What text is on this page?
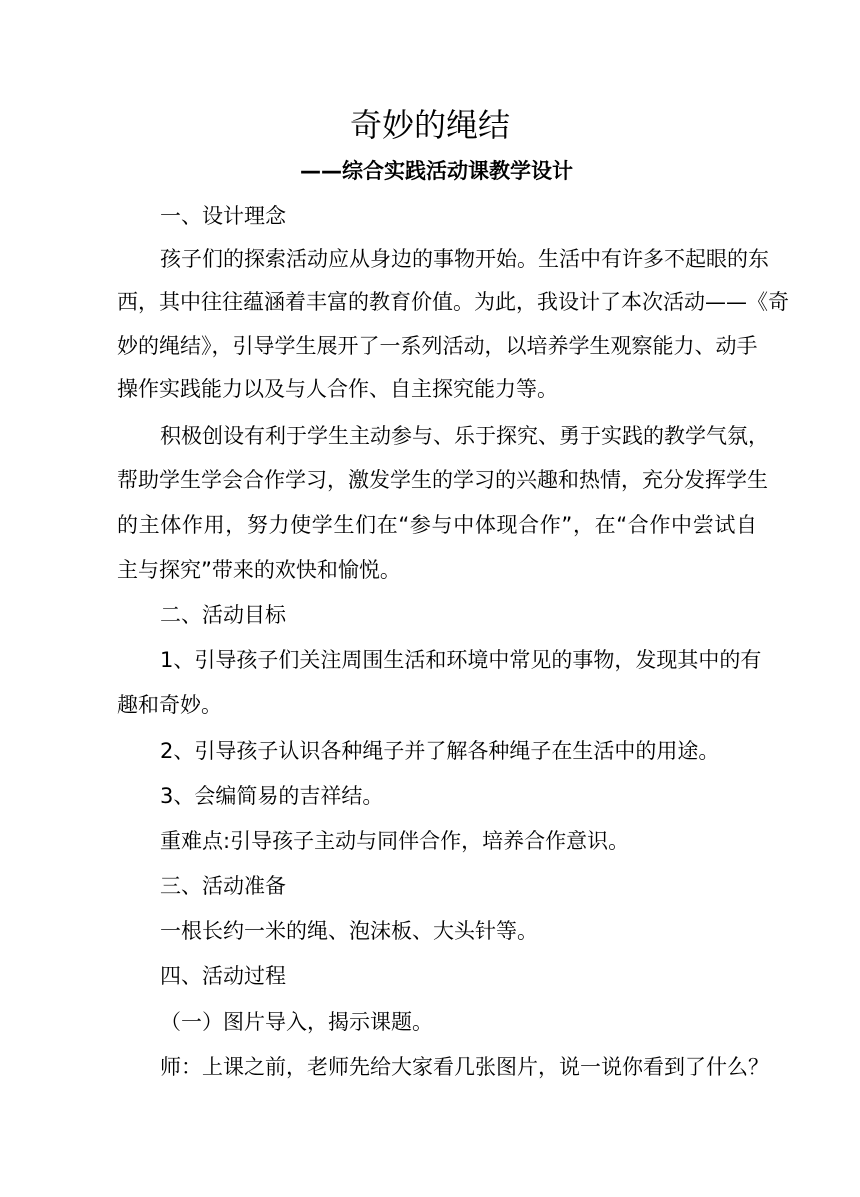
奇妙的绳结
——综合实践活动课教学设计
一、设计理念
孩子们的探索活动应从身边的事物开始。生活中有许多不起眼的东
西，其中往往蕴涵着丰富的教育价值。为此，我设计了本次活动——《奇
妙的绳结》，引导学生展开了一系列活动，以培养学生观察能力、动手
操作实践能力以及与人合作、自主探究能力等。
积极创设有利于学生主动参与、乐于探究、勇于实践的教学气氛，
帮助学生学会合作学习，激发学生的学习的兴趣和热情，充分发挥学生
的主体作用，努力使学生们在“参与中体现合作”，在“合作中尝试自
主与探究”带来的欢快和愉悦。
二、活动目标
1、引导孩子们关注周围生活和环境中常见的事物，发现其中的有
趣和奇妙。
2、引导孩子认识各种绳子并了解各种绳子在生活中的用途。
3、会编简易的吉祥结。
重难点:引导孩子主动与同伴合作，培养合作意识。
三、活动准备
一根长约一米的绳、泡沫板、大头针等。
四、活动过程
（一）图片导入，揭示课题。
师：上课之前，老师先给大家看几张图片，说一说你看到了什么？
